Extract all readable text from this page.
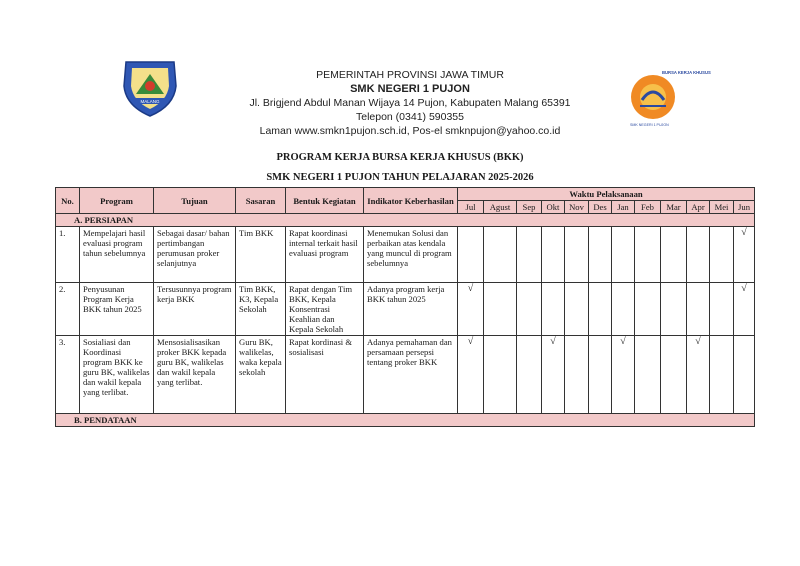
MALANG
PEMERINTAH PROVINSI JAWA TIMUR
SMK NEGERI 1 PUJON
Jl. Brigjend Abdul Manan Wijaya 14 Pujon, Kabupaten Malang 65391
Telepon (0341) 590355
Laman www.smkn1pujon.sch.id, Pos-el smknpujon@yahoo.co.id
BURSA KERJA KHUSUS
SMK NEGERI 1 PUJON
PROGRAM KERJA BURSA KERJA KHUSUS (BKK)
SMK NEGERI 1 PUJON TAHUN PELAJARAN 2025-2026
No.	Program	Tujuan	Sasaran	Bentuk Kegiatan	Indikator Keberhasilan	Waktu Pelaksanaan											
						Jul	Agust	Sep	Okt	Nov	Des	Jan	Feb	Mar	Apr	Mei	Jun
A. PERSIAPAN																	
1.	Mempelajari hasil evaluasi program tahun sebelumnya	Sebagai dasar/ bahan pertimbangan perumusan proker selanjutnya	Tim BKK	Rapat koordinasi internal terkait hasil evaluasi program	Menemukan Solusi dan perbaikan atas kendala yang muncul di program sebelumnya												√
2.	Penyusunan Program Kerja BKK tahun 2025	Tersusunnya program kerja BKK	Tim BKK, K3, Kepala Sekolah	Rapat dengan Tim BKK, Kepala Konsentrasi Keahlian dan Kepala Sekolah	Adanya program kerja BKK tahun 2025	√											√
3.	Sosialiasi dan Koordinasi program BKK ke guru BK, walikelas dan wakil kepala yang terlibat.	Mensosialisasikan proker BKK kepada guru BK, walikelas dan wakil kepala yang terlibat.	Guru BK, walikelas, waka kepala sekolah	Rapat kordinasi & sosialisasi	Adanya pemahaman dan persamaan persepsi tentang proker BKK	√			√			√			√		
B. PENDATAAN																	
